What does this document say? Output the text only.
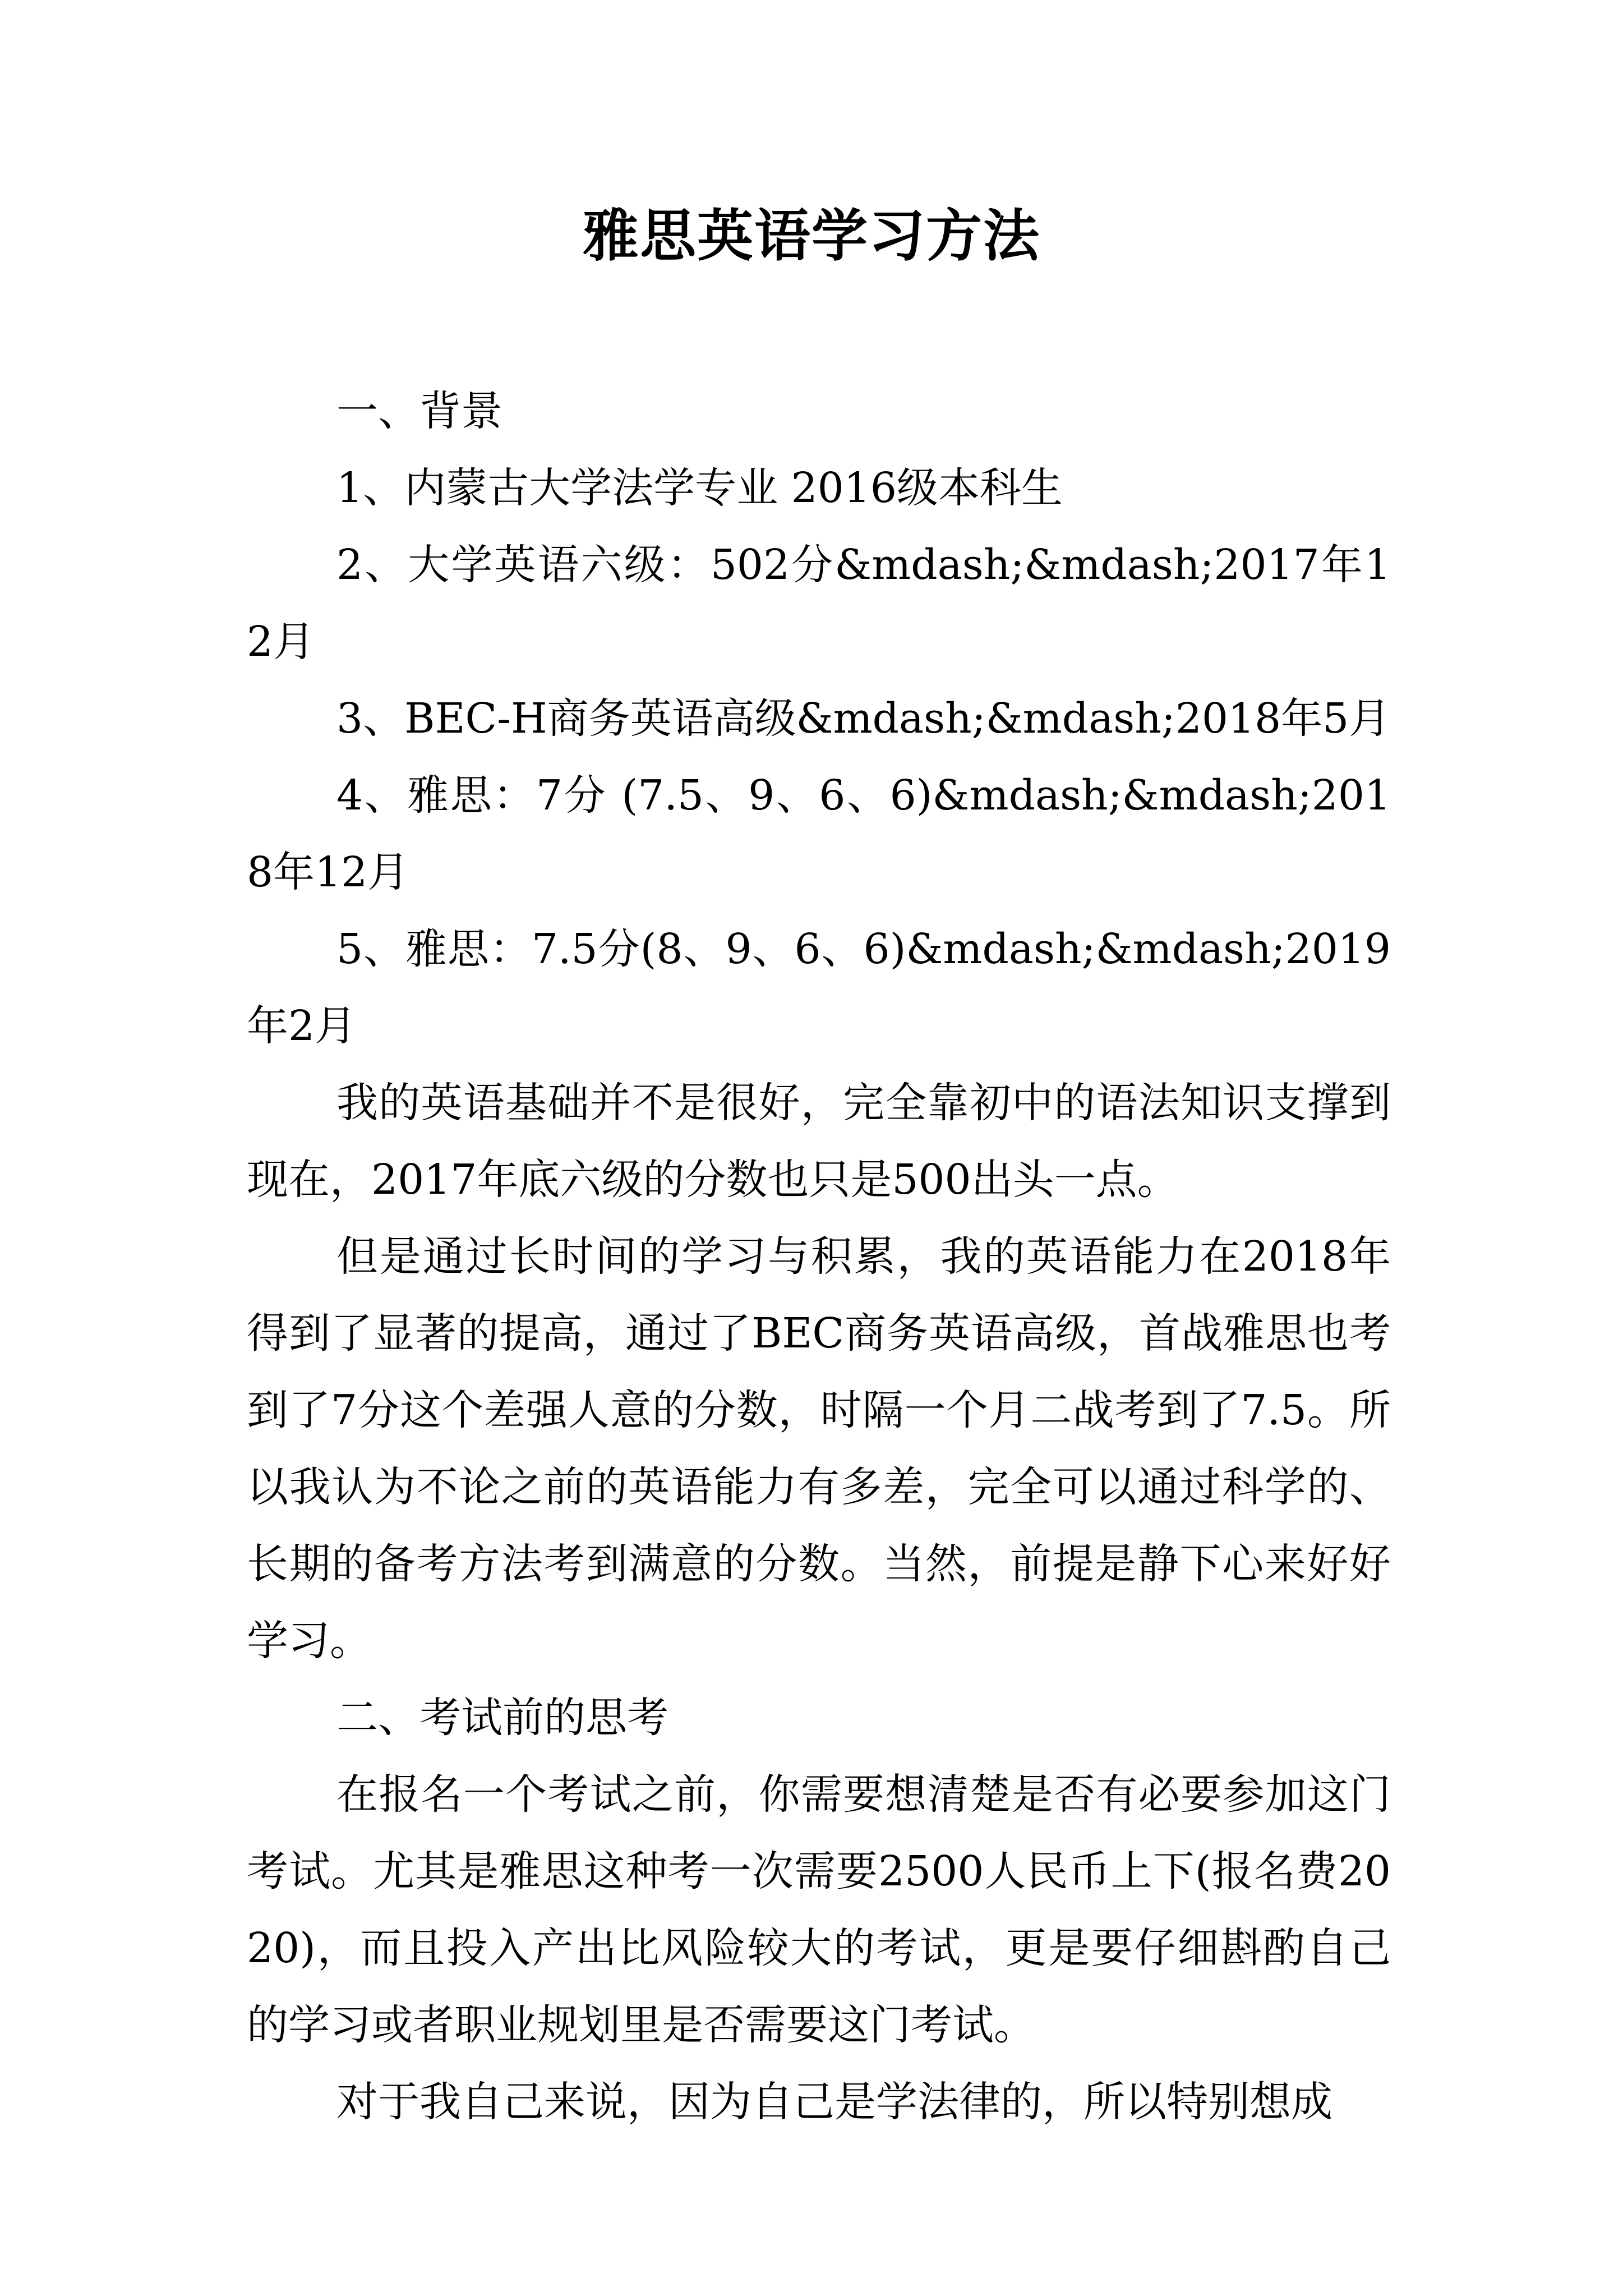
雅思英语学习方法

一、背景

1、内蒙古大学法学专业 2016级本科生

2、大学英语六级：502分&mdash;&mdash;2017年12月

3、BEC-H商务英语高级&mdash;&mdash;2018年5月

4、雅思：7分 (7.5、9、6、6)&mdash;&mdash;2018年12月

5、雅思：7.5分(8、9、6、6)&mdash;&mdash;2019年2月

我的英语基础并不是很好，完全靠初中的语法知识支撑到现在，2017年底六级的分数也只是500出头一点。

但是通过长时间的学习与积累，我的英语能力在2018年得到了显著的提高，通过了BEC商务英语高级，首战雅思也考到了7分这个差强人意的分数，时隔一个月二战考到了7.5。所以我认为不论之前的英语能力有多差，完全可以通过科学的、长期的备考方法考到满意的分数。当然，前提是静下心来好好学习。

二、考试前的思考

在报名一个考试之前，你需要想清楚是否有必要参加这门考试。尤其是雅思这种考一次需要2500人民币上下(报名费2020)，而且投入产出比风险较大的考试，更是要仔细斟酌自己的学习或者职业规划里是否需要这门考试。

对于我自己来说，因为自己是学法律的，所以特别想成
